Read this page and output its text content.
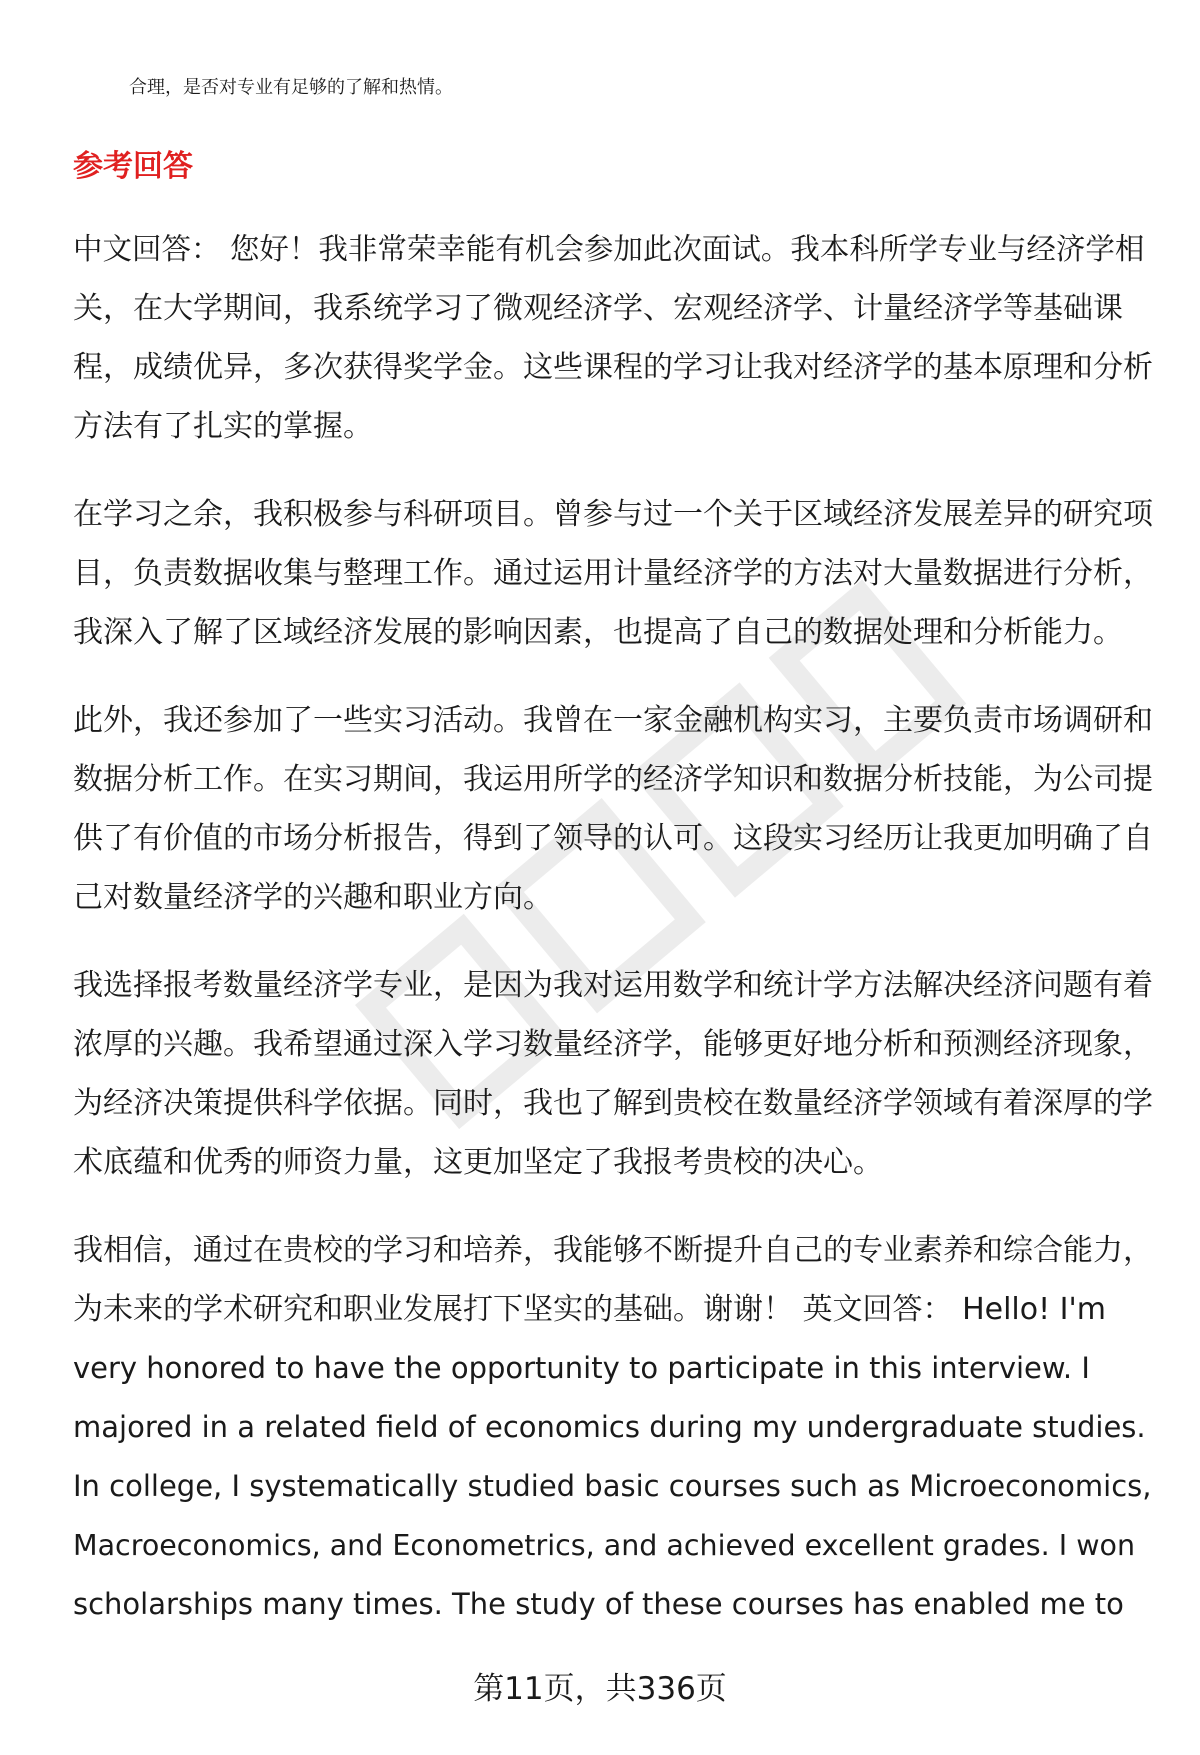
合理，是否对专业有足够的了解和热情。
参考回答
中文回答： 您好！我非常荣幸能有机会参加此次面试。我本科所学专业与经济学相
关，在大学期间，我系统学习了微观经济学、宏观经济学、计量经济学等基础课
程，成绩优异，多次获得奖学金。这些课程的学习让我对经济学的基本原理和分析
方法有了扎实的掌握。
在学习之余，我积极参与科研项目。曾参与过一个关于区域经济发展差异的研究项
目，负责数据收集与整理工作。通过运用计量经济学的方法对大量数据进行分析，
我深入了解了区域经济发展的影响因素，也提高了自己的数据处理和分析能力。
此外，我还参加了一些实习活动。我曾在一家金融机构实习，主要负责市场调研和
数据分析工作。在实习期间，我运用所学的经济学知识和数据分析技能，为公司提
供了有价值的市场分析报告，得到了领导的认可。这段实习经历让我更加明确了自
己对数量经济学的兴趣和职业方向。
我选择报考数量经济学专业，是因为我对运用数学和统计学方法解决经济问题有着
浓厚的兴趣。我希望通过深入学习数量经济学，能够更好地分析和预测经济现象，
为经济决策提供科学依据。同时，我也了解到贵校在数量经济学领域有着深厚的学
术底蕴和优秀的师资力量，这更加坚定了我报考贵校的决心。
我相信，通过在贵校的学习和培养，我能够不断提升自己的专业素养和综合能力，
为未来的学术研究和职业发展打下坚实的基础。谢谢！ 英文回答： Hello! I'm
very honored to have the opportunity to participate in this interview. I
majored in a related field of economics during my undergraduate studies.
In college, I systematically studied basic courses such as Microeconomics,
Macroeconomics, and Econometrics, and achieved excellent grades. I won
scholarships many times. The study of these courses has enabled me to
第11页，共336页
